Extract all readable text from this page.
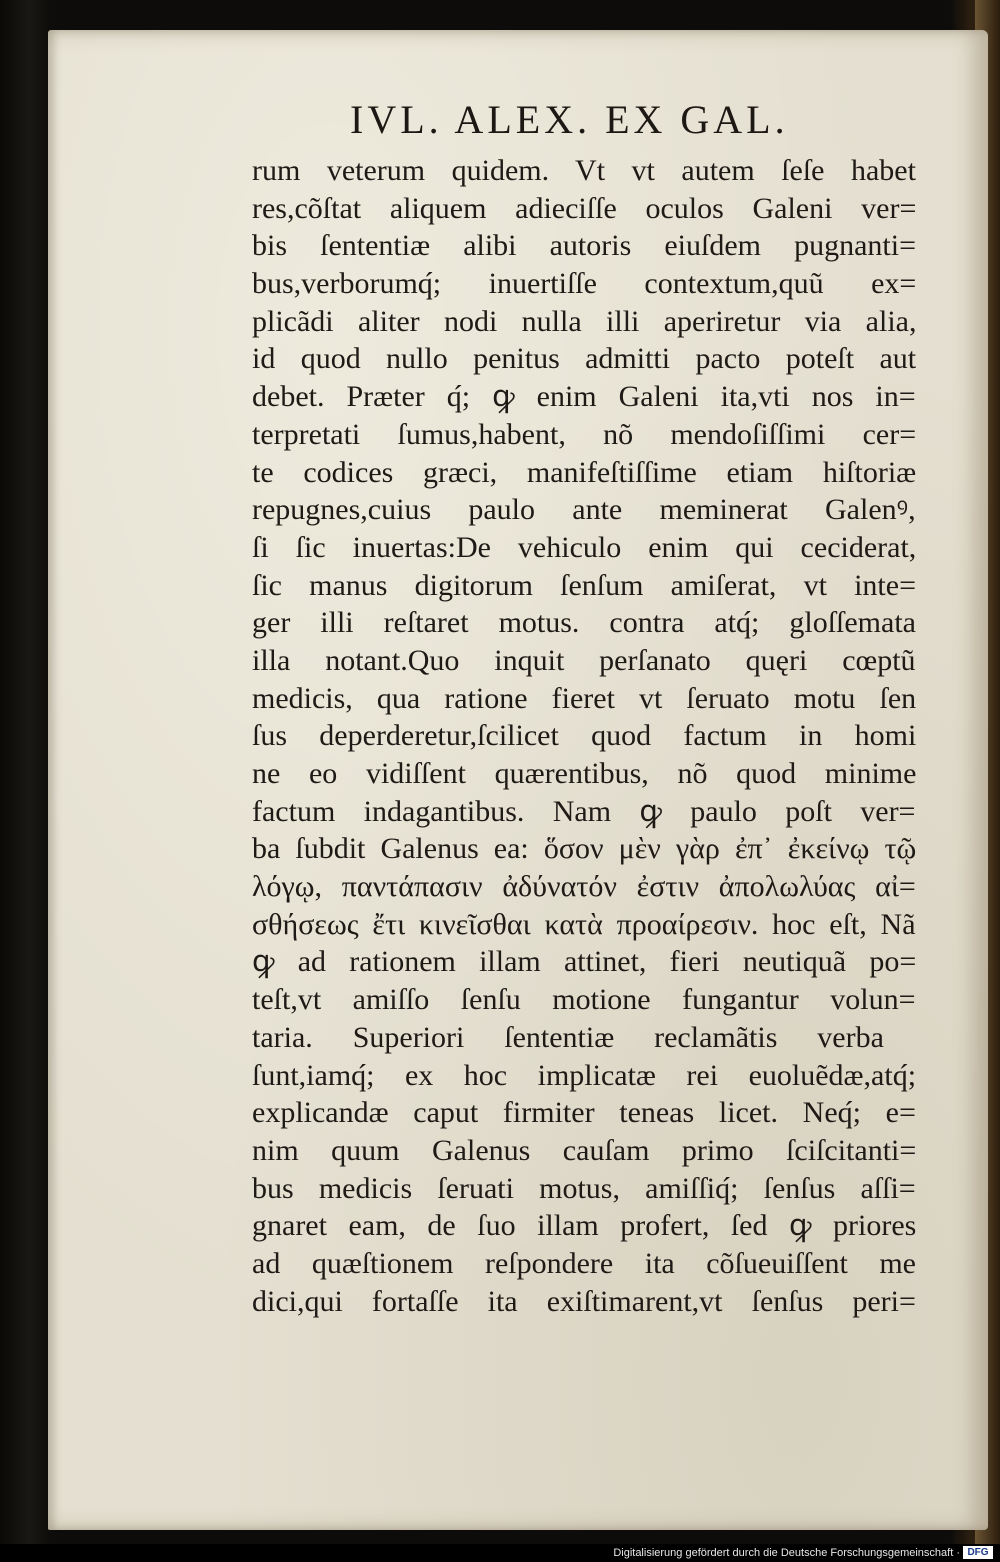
IVL. ALEX. EX GAL.
rum veterum quidem. Vt vt autem ſeſe habet
res,cõſtat aliquem adieciſſe oculos Galeni ver=
bis ſententiæ alibi autoris eiuſdem pugnanti=
bus,verborumq́; inuertiſſe contextum,quũ ex=
plicãdi aliter nodi nulla illi aperiretur via alia,
id quod nullo penitus admitti pacto poteſt aut
debet. Præter q́; ꝙ enim Galeni ita,vti nos in=
terpretati ſumus,habent, nõ mendoſiſſimi cer=
te codices græci, manifeſtiſſime etiam hiſtoriæ
repugnes,cuius paulo ante meminerat Galenꝰ,
ſi ſic inuertas:De vehiculo enim qui ceciderat,
ſic manus digitorum ſenſum amiſerat, vt inte=
ger illi reſtaret motus. contra atq́; gloſſemata
illa notant.Quo inquit perſanato quęri cœptũ
medicis, qua ratione fieret vt ſeruato motu ſen
ſus deperderetur,ſcilicet quod factum in homi
ne eo vidiſſent quærentibus, nõ quod minime
factum indagantibus. Nam ꝙ paulo poſt ver=
ba ſubdit Galenus ea: ὅσον μὲν γὰρ ἐπ᾽ ἐκείνῳ τῷ
λόγῳ, παντάπασιν ἀδύνατόν ἐστιν ἀπολωλύας αἰ=
σθήσεως ἔτι κινεῖσθαι κατὰ προαίρεσιν. hoc eſt, Nã
ꝙ ad rationem illam attinet, fieri neutiquã po=
teſt,vt amiſſo ſenſu motione fungantur volun=
taria. Superiori ſententiæ reclamãtis verba
ſunt,iamq́; ex hoc implicatæ rei euoluẽdæ,atq́;
explicandæ caput firmiter teneas licet. Neq́; e=
nim quum Galenus cauſam primo ſciſcitanti=
bus medicis ſeruati motus, amiſſiq́; ſenſus aſſi=
gnaret eam, de ſuo illam profert, ſed ꝙ priores
ad quæſtionem reſpondere ita cõſueuiſſent me
dici,qui fortaſſe ita exiſtimarent,vt ſenſus peri=
Digitalisierung gefördert durch die Deutsche Forschungsgemeinschaft · DFG
